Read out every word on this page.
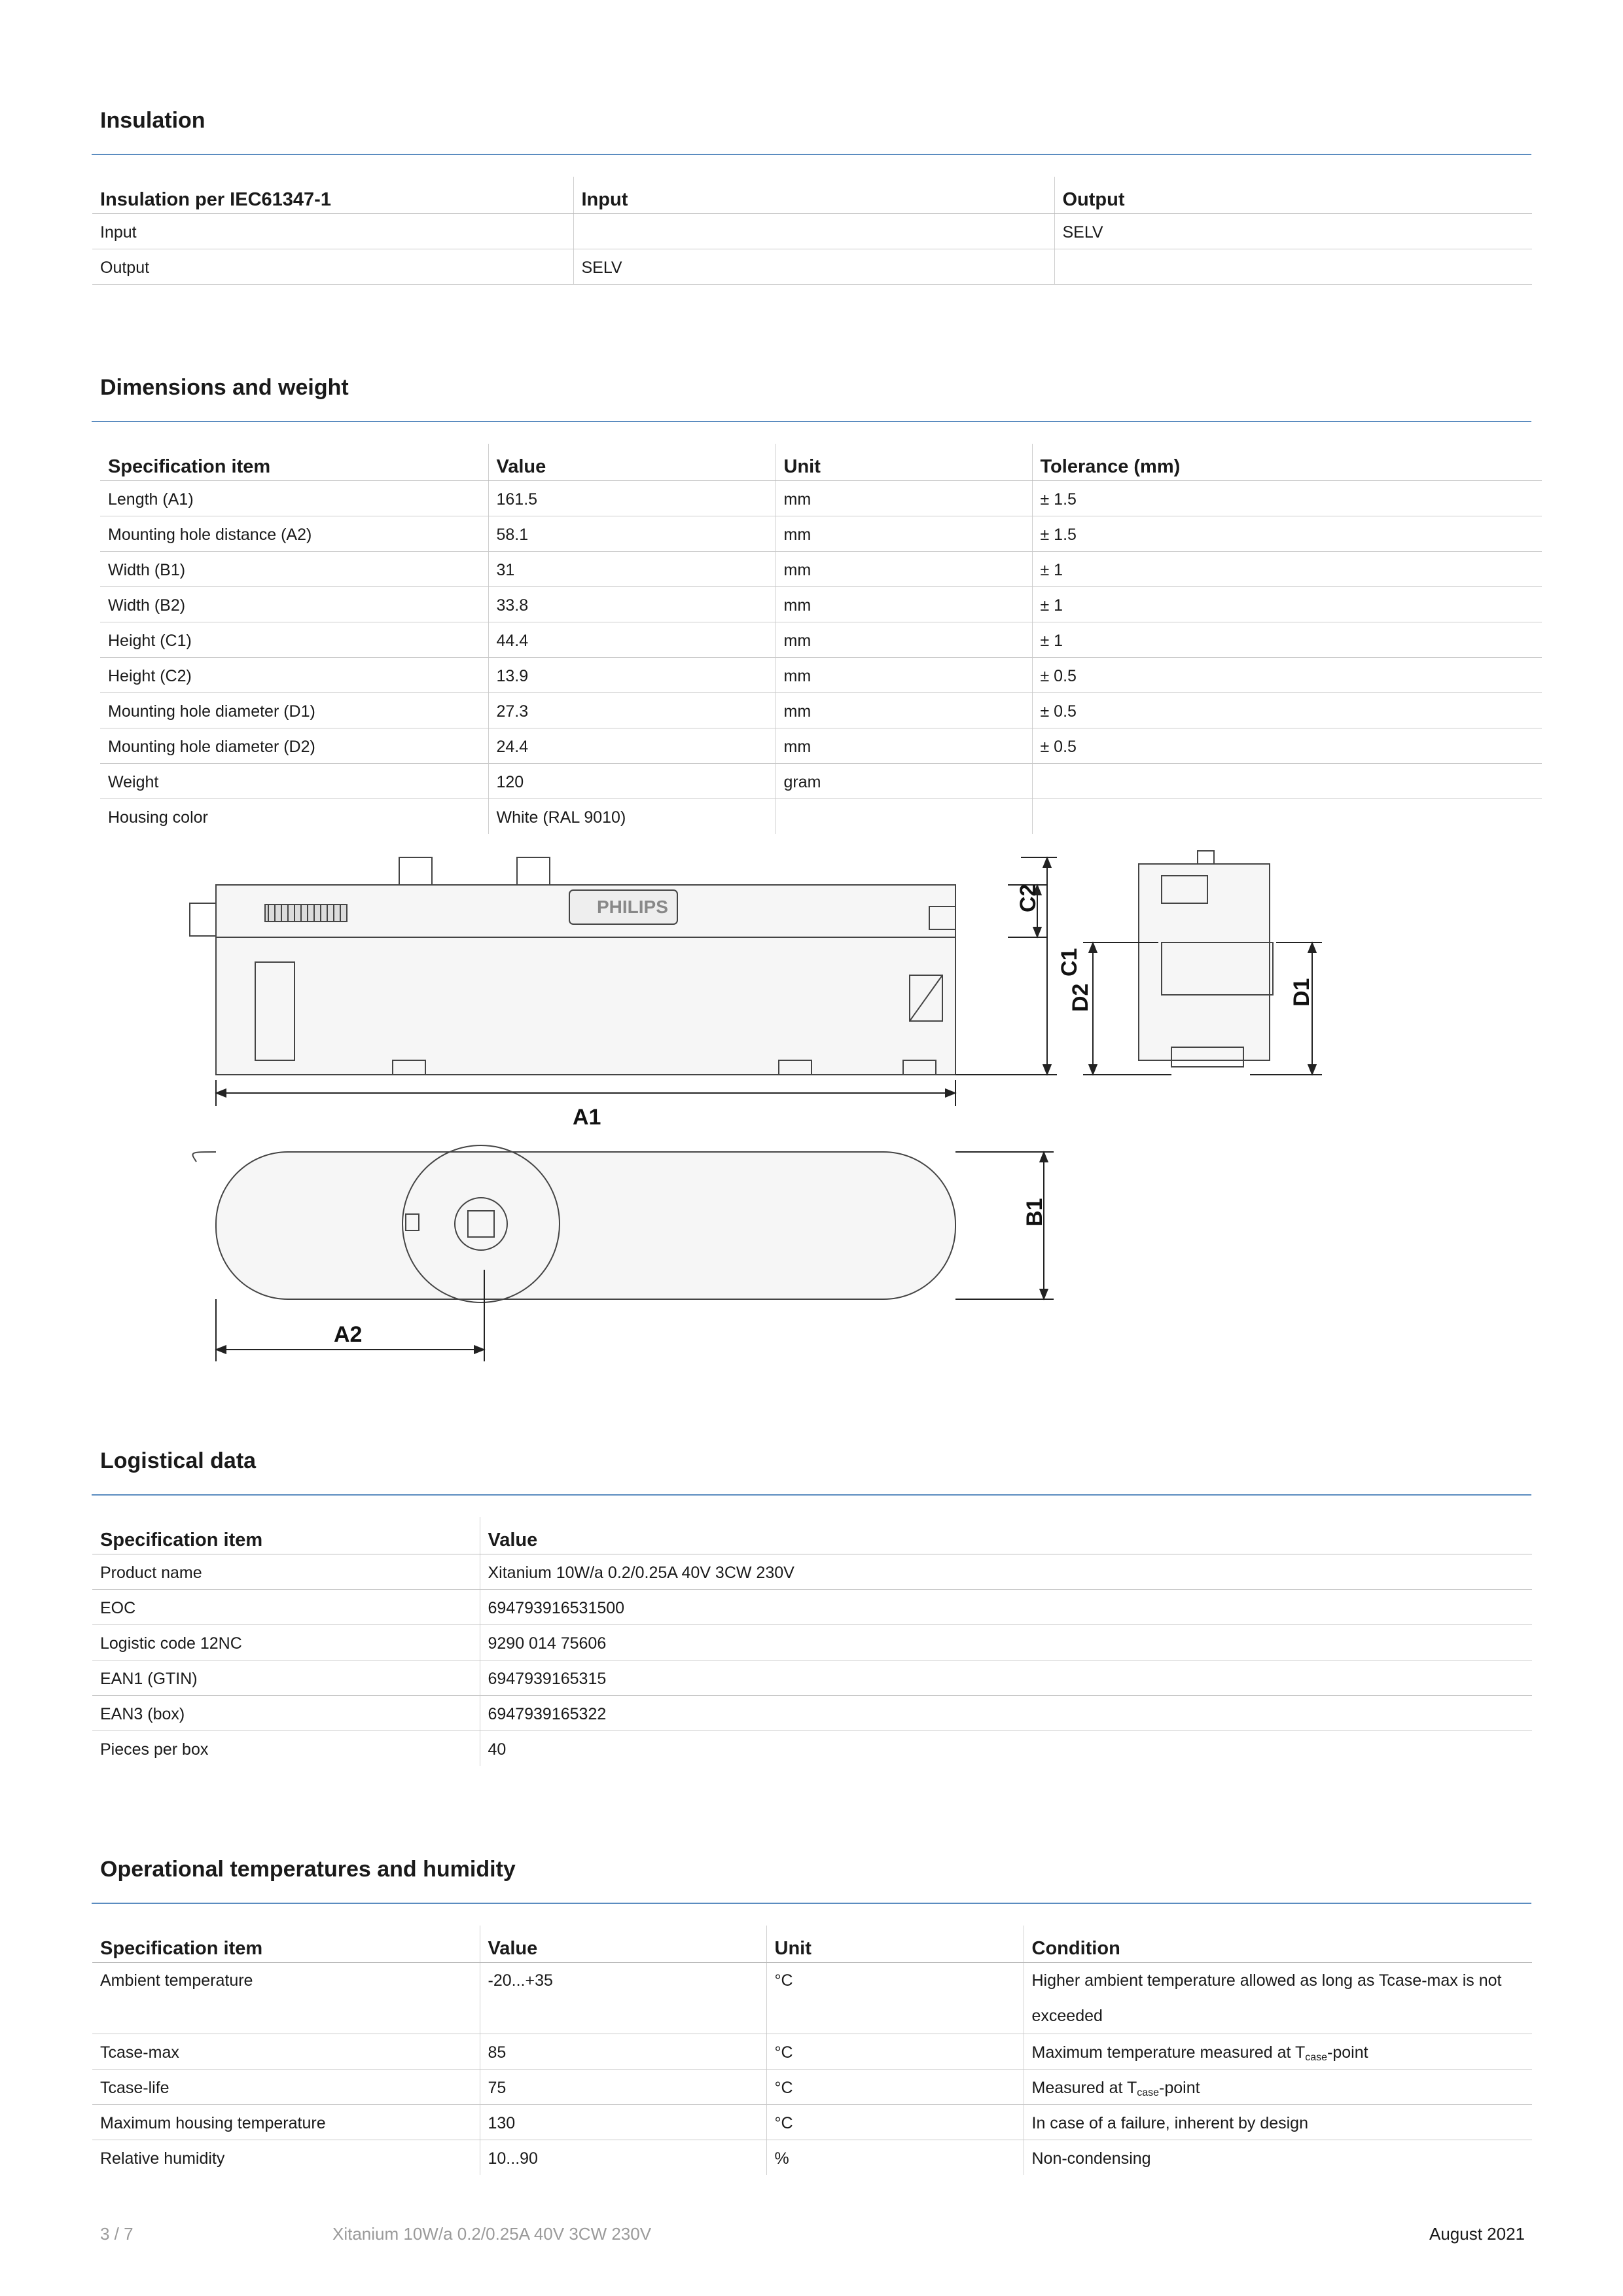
Insulation
Insulation per IEC61347-1	Input	Output
Input		SELV
Output	SELV	
Dimensions and weight
Specification item	Value	Unit	Tolerance (mm)
Length (A1)	161.5	mm	± 1.5
Mounting hole distance (A2)	58.1	mm	± 1.5
Width (B1)	31	mm	± 1
Width (B2)	33.8	mm	± 1
Height (C1)	44.4	mm	± 1
Height (C2)	13.9	mm	± 0.5
Mounting hole diameter (D1)	27.3	mm	± 0.5
Mounting hole diameter (D2)	24.4	mm	± 0.5
Weight	120	gram	
Housing color	White (RAL 9010)		
PHILIPS
A1
A2
C2
C1
D2	D1
B1
Logistical data
Specification item	Value
Product name	Xitanium 10W/a 0.2/0.25A 40V 3CW 230V
EOC	694793916531500
Logistic code 12NC	9290 014 75606
EAN1 (GTIN)	6947939165315
EAN3 (box)	6947939165322
Pieces per box	40
Operational temperatures and humidity
Specification item	Value	Unit	Condition
Ambient temperature	-20...+35	°C	Higher ambient temperature allowed as long as Tcase-max is not
exceeded

Tcase-max	85	°C	Maximum temperature measured at $T_{case}$-point
Tcase-life	75	°C	Measured at $T_{case}$-point
Maximum housing temperature	130	°C	In case of a failure, inherent by design
Relative humidity	10...90	%	Non-condensing
3 / 7	Xitanium 10W/a 0.2/0.25A 40V 3CW 230V	August 2021
